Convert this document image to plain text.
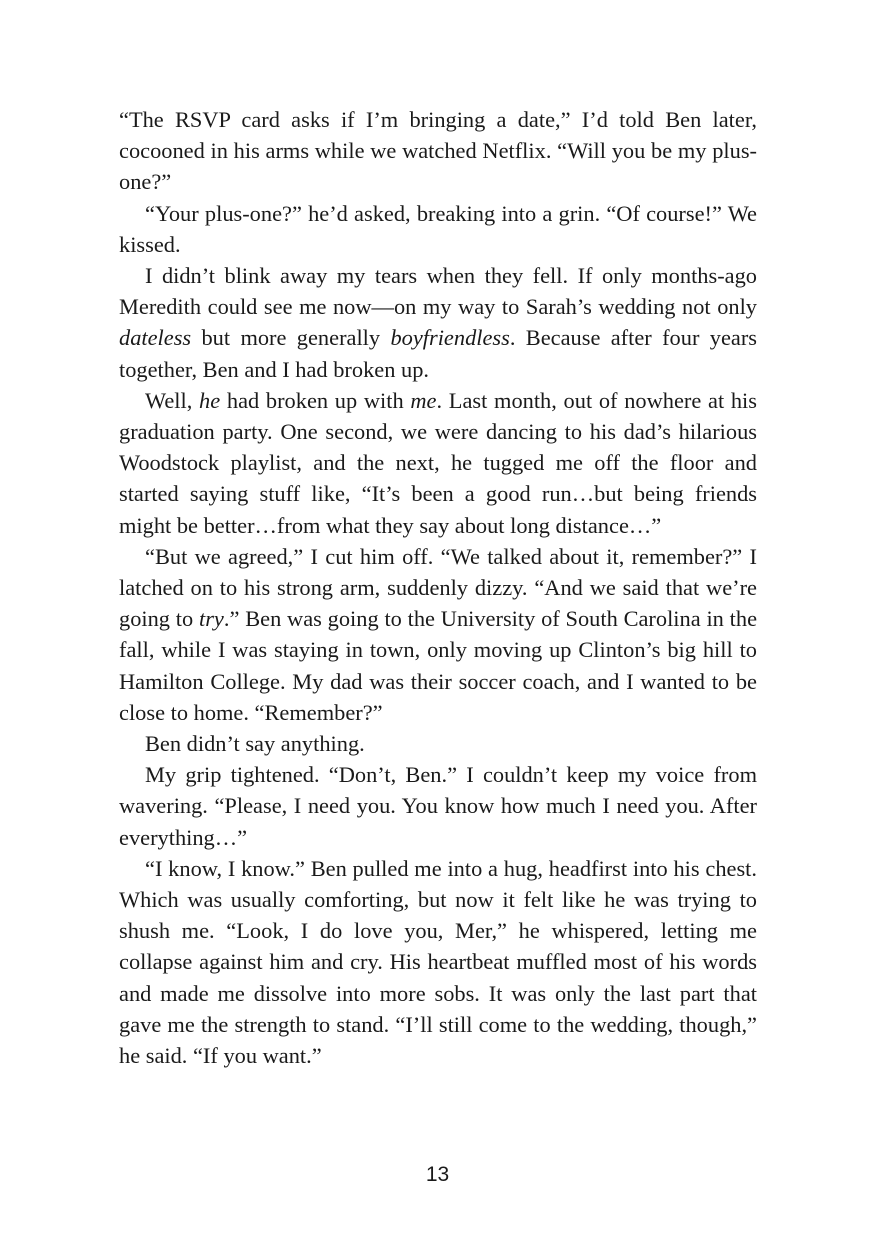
“The RSVP card asks if I’m bringing a date,” I’d told Ben later, cocooned in his arms while we watched Netflix. “Will you be my plus-one?”

“Your plus-one?” he’d asked, breaking into a grin. “Of course!” We kissed.

I didn’t blink away my tears when they fell. If only months-ago Meredith could see me now—on my way to Sarah’s wedding not only dateless but more generally boyfriendless. Because after four years together, Ben and I had broken up.

Well, he had broken up with me. Last month, out of nowhere at his graduation party. One second, we were dancing to his dad’s hilarious Woodstock playlist, and the next, he tugged me off the floor and started saying stuff like, “It’s been a good run…but being friends might be better…from what they say about long distance…”

“But we agreed,” I cut him off. “We talked about it, remember?” I latched on to his strong arm, suddenly dizzy. “And we said that we’re going to try.” Ben was going to the University of South Carolina in the fall, while I was staying in town, only moving up Clinton’s big hill to Hamilton College. My dad was their soccer coach, and I wanted to be close to home. “Remember?”

Ben didn’t say anything.

My grip tightened. “Don’t, Ben.” I couldn’t keep my voice from wavering. “Please, I need you. You know how much I need you. After everything…”

“I know, I know.” Ben pulled me into a hug, headfirst into his chest. Which was usually comforting, but now it felt like he was trying to shush me. “Look, I do love you, Mer,” he whispered, letting me collapse against him and cry. His heartbeat muffled most of his words and made me dissolve into more sobs. It was only the last part that gave me the strength to stand. “I’ll still come to the wedding, though,” he said. “If you want.”

13
